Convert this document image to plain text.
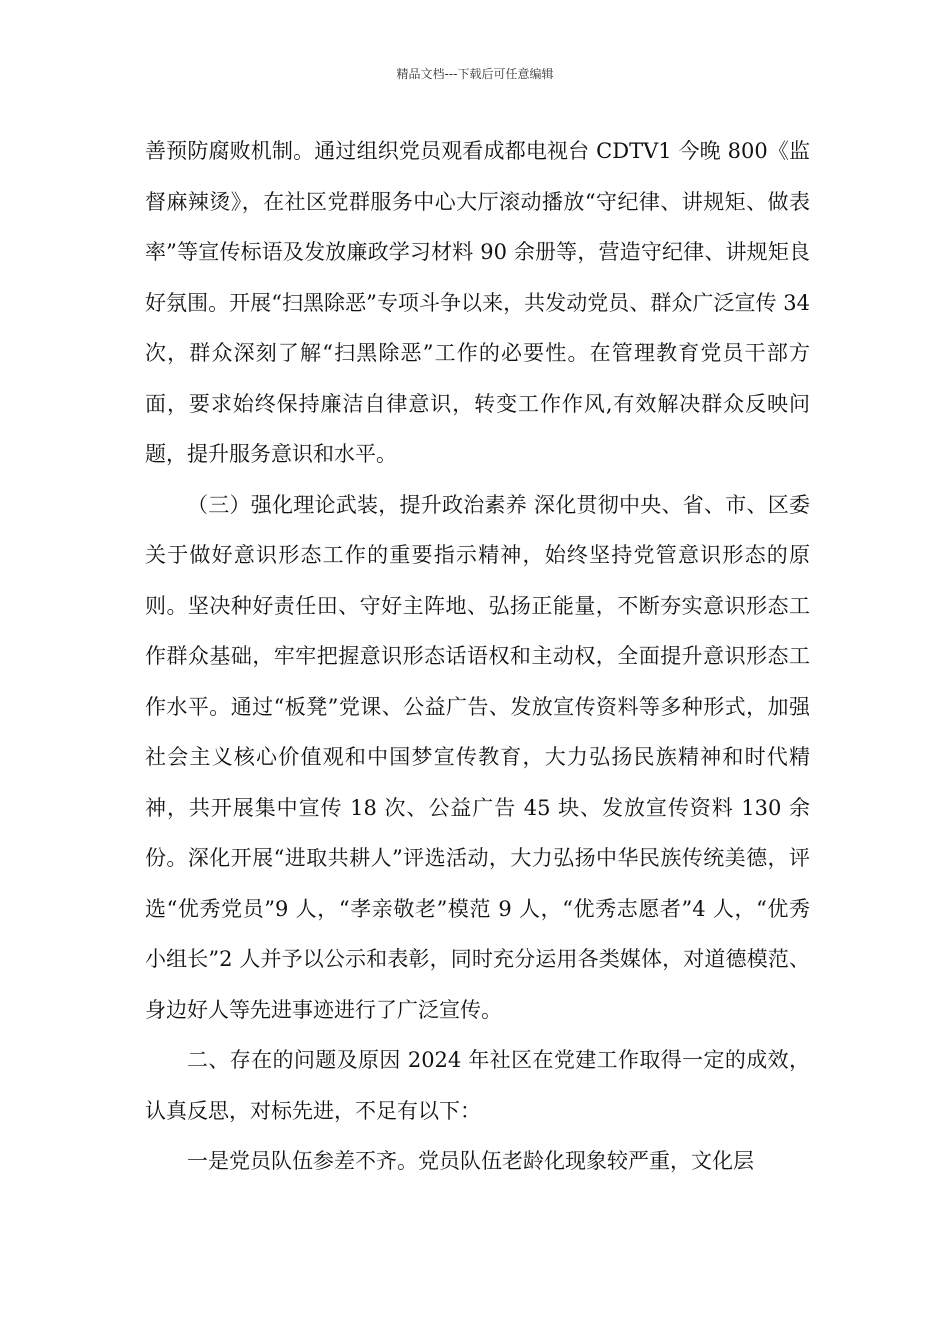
精品文档---下载后可任意编辑

善预防腐败机制。通过组织党员观看成都电视台 CDTV1 今晚 800《监督麻辣烫》，在社区党群服务中心大厅滚动播放“守纪律、讲规矩、做表率”等宣传标语及发放廉政学习材料 90 余册等，营造守纪律、讲规矩良好氛围。开展“扫黑除恶”专项斗争以来，共发动党员、群众广泛宣传 34 次，群众深刻了解“扫黑除恶”工作的必要性。在管理教育党员干部方面，要求始终保持廉洁自律意识，转变工作作风,有效解决群众反映问题，提升服务意识和水平。

（三）强化理论武装，提升政治素养 深化贯彻中央、省、市、区委关于做好意识形态工作的重要指示精神，始终坚持党管意识形态的原则。坚决种好责任田、守好主阵地、弘扬正能量，不断夯实意识形态工作群众基础，牢牢把握意识形态话语权和主动权，全面提升意识形态工作水平。通过“板凳”党课、公益广告、发放宣传资料等多种形式，加强社会主义核心价值观和中国梦宣传教育，大力弘扬民族精神和时代精神，共开展集中宣传 18 次、公益广告 45 块、发放宣传资料 130 余份。深化开展“进取共耕人”评选活动，大力弘扬中华民族传统美德，评选“优秀党员”9 人，“孝亲敬老”模范 9 人，“优秀志愿者”4 人，“优秀小组长”2 人并予以公示和表彰，同时充分运用各类媒体，对道德模范、身边好人等先进事迹进行了广泛宣传。

二、存在的问题及原因 2024 年社区在党建工作取得一定的成效，认真反思，对标先进，不足有以下：

一是党员队伍参差不齐。党员队伍老龄化现象较严重，文化层
